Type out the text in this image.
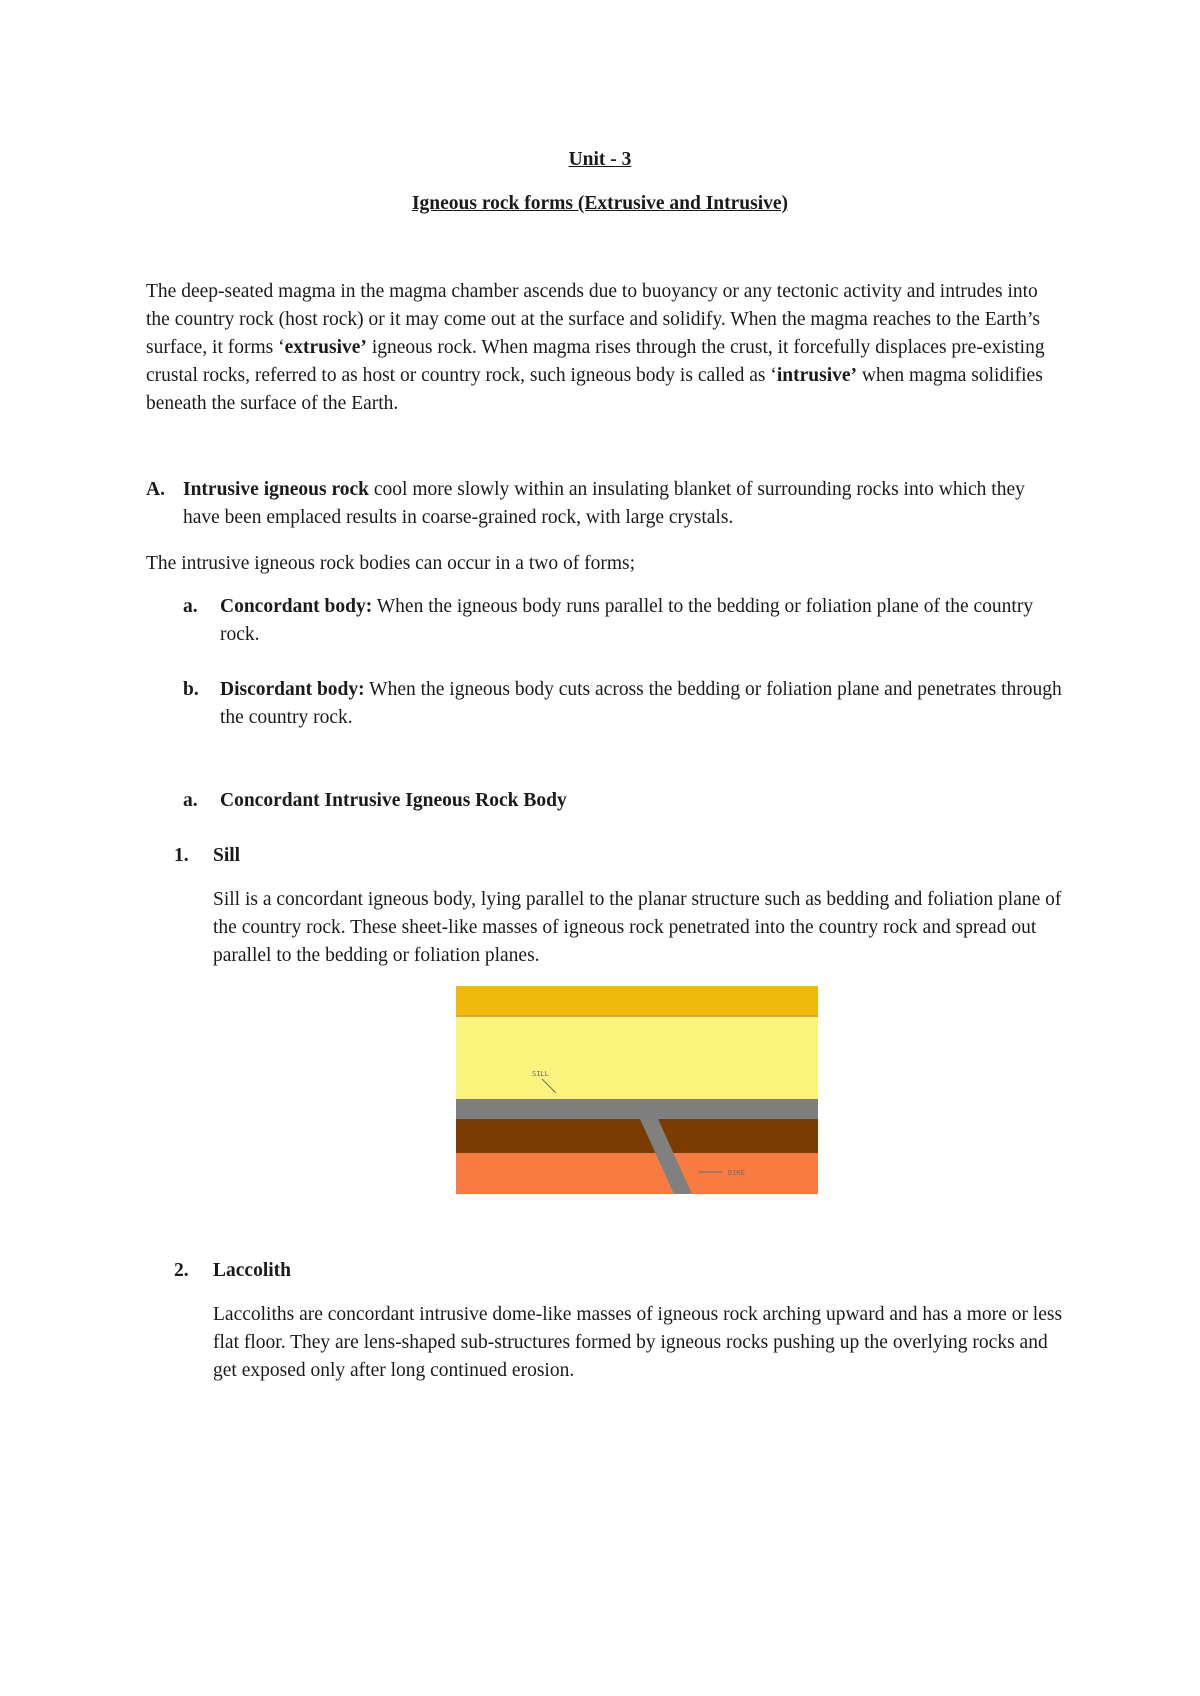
Unit - 3
Igneous rock forms (Extrusive and Intrusive)
The deep-seated magma in the magma chamber ascends due to buoyancy or any tectonic activity and intrudes into the country rock (host rock) or it may come out at the surface and solidify. When the magma reaches to the Earth’s surface, it forms ‘extrusive’ igneous rock. When magma rises through the crust, it forcefully displaces pre-existing crustal rocks, referred to as host or country rock, such igneous body is called as ‘intrusive’ when magma solidifies beneath the surface of the Earth.
A. Intrusive igneous rock cool more slowly within an insulating blanket of surrounding rocks into which they have been emplaced results in coarse-grained rock, with large crystals.
The intrusive igneous rock bodies can occur in a two of forms;
a. Concordant body: When the igneous body runs parallel to the bedding or foliation plane of the country rock.
b. Discordant body: When the igneous body cuts across the bedding or foliation plane and penetrates through the country rock.
a. Concordant Intrusive Igneous Rock Body
1. Sill
Sill is a concordant igneous body, lying parallel to the planar structure such as bedding and foliation plane of the country rock. These sheet-like masses of igneous rock penetrated into the country rock and spread out parallel to the bedding or foliation planes.
SILL
DIKE
2. Laccolith
Laccoliths are concordant intrusive dome-like masses of igneous rock arching upward and has a more or less flat floor. They are lens-shaped sub-structures formed by igneous rocks pushing up the overlying rocks and get exposed only after long continued erosion.
